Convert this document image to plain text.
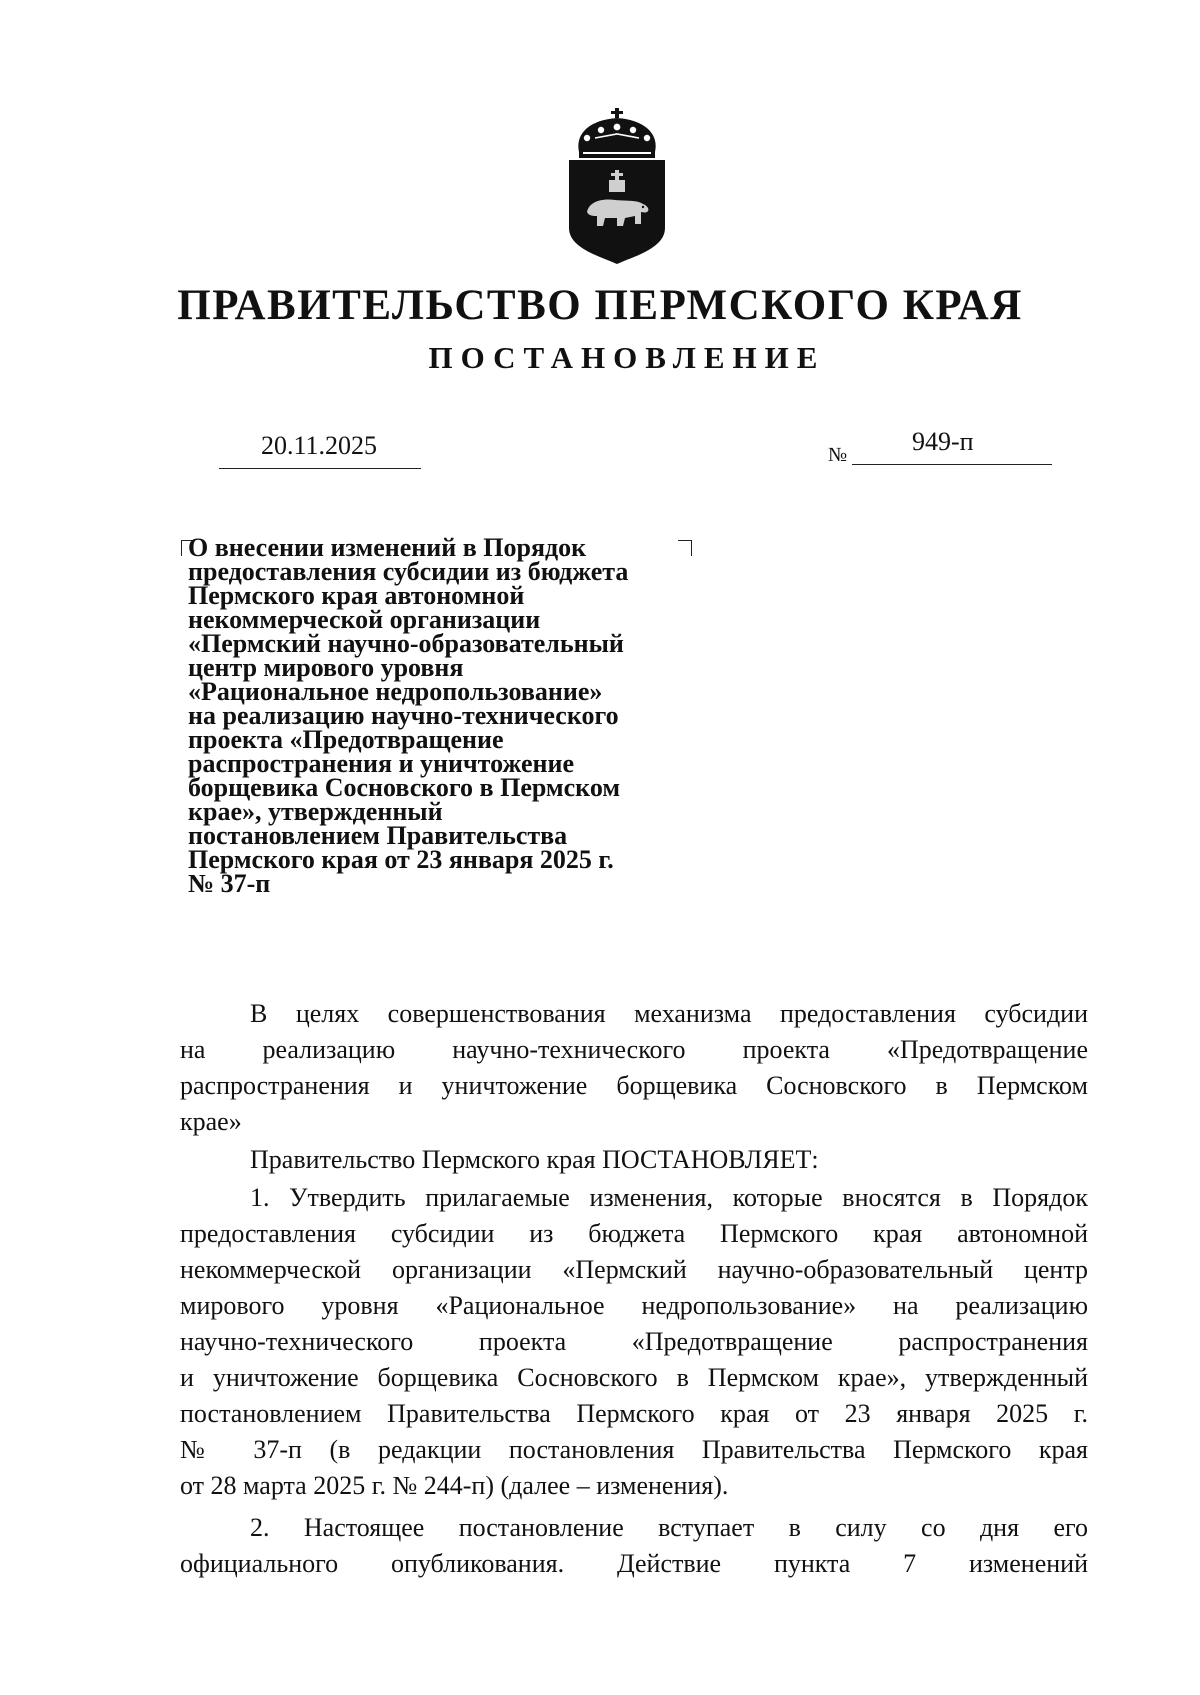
ПРАВИТЕЛЬСТВО ПЕРМСКОГО КРАЯ
ПОСТАНОВЛЕНИЕ
20.11.2025	№ 949-п
О внесении изменений в Порядок
предоставления субсидии из бюджета
Пермского края автономной
некоммерческой организации
«Пермский научно-образовательный
центр мирового уровня
«Рациональное недропользование»
на реализацию научно-технического
проекта «Предотвращение
распространения и уничтожение
борщевика Сосновского в Пермском
крае», утвержденный
постановлением Правительства
Пермского края от 23 января 2025 г.
№ 37-п
В целях совершенствования механизма предоставления субсидии
на реализацию научно-технического проекта «Предотвращение
распространения и уничтожение борщевика Сосновского в Пермском
крае»
Правительство Пермского края ПОСТАНОВЛЯЕТ:
1. Утвердить прилагаемые изменения, которые вносятся в Порядок
предоставления субсидии из бюджета Пермского края автономной
некоммерческой организации «Пермский научно-образовательный центр
мирового уровня «Рациональное недропользование» на реализацию
научно-технического проекта «Предотвращение распространения
и уничтожение борщевика Сосновского в Пермском крае», утвержденный
постановлением Правительства Пермского края от 23 января 2025 г.
№ 37-п (в редакции постановления Правительства Пермского края
от 28 марта 2025 г. № 244-п) (далее – изменения).
2. Настоящее постановление вступает в силу со дня его
официального опубликования. Действие пункта 7 изменений
